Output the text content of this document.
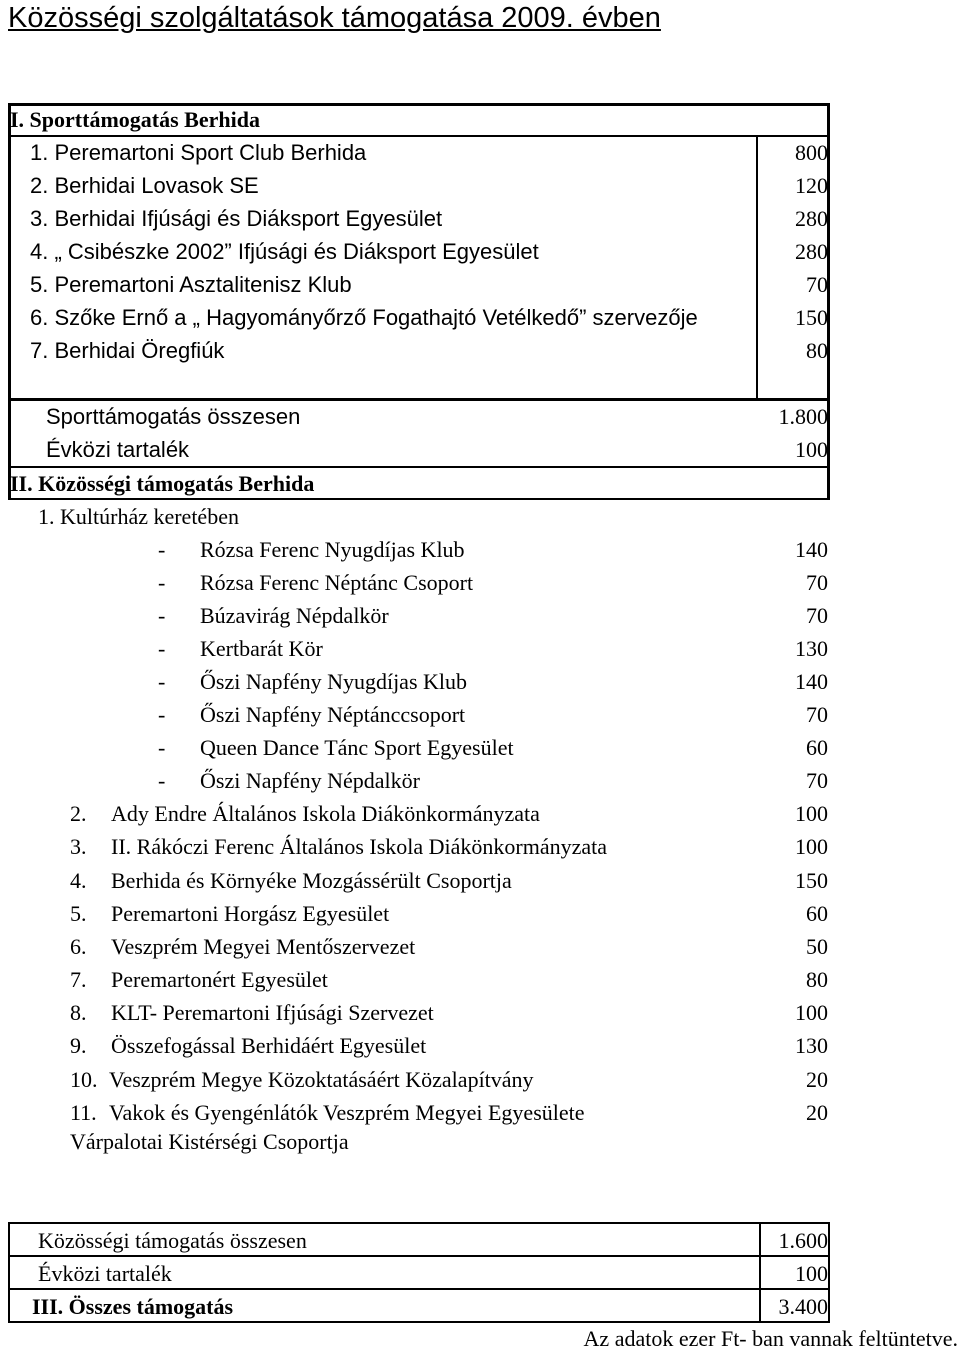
Közösségi szolgáltatások támogatása 2009. évben
I. Sporttámogatás Berhida
1. Peremartoni Sport Club Berhida	800
2. Berhidai Lovasok SE	120
3. Berhidai Ifjúsági és Diáksport Egyesület	280
4. „ Csibészke 2002” Ifjúsági és Diáksport Egyesület	280
5. Peremartoni Asztalitenisz Klub	70
6. Szőke Ernő a „ Hagyományőrző Fogathajtó Vetélkedő” szervezője	150
7. Berhidai Öregfiúk	80
Sporttámogatás összesen	1.800
Évközi tartalék	100
II. Közösségi támogatás Berhida
1. Kultúrház keretében
- Rózsa Ferenc Nyugdíjas Klub	140
- Rózsa Ferenc Néptánc Csoport	70
- Búzavirág Népdalkör	70
- Kertbarát Kör	130
- Őszi Napfény Nyugdíjas Klub	140
- Őszi Napfény Néptánccsoport	70
- Queen Dance Tánc Sport Egyesület	60
- Őszi Napfény Népdalkör	70
2. Ady Endre Általános Iskola Diákönkormányzata	100
3. II. Rákóczi Ferenc Általános Iskola Diákönkormányzata	100
4. Berhida és Környéke Mozgássérült Csoportja	150
5. Peremartoni Horgász Egyesület	60
6. Veszprém Megyei Mentőszervezet	50
7. Peremartonért Egyesület	80
8. KLT- Peremartoni Ifjúsági Szervezet	100
9. Összefogással Berhidáért Egyesület	130
10. Veszprém Megye Közoktatásáért Közalapítvány	20
11. Vakok és Gyengénlátók Veszprém Megyei Egyesülete	20
Várpalotai Kistérségi Csoportja
Közösségi támogatás összesen	1.600
Évközi tartalék	100
III. Összes támogatás	3.400
Az adatok ezer Ft- ban vannak feltüntetve.
